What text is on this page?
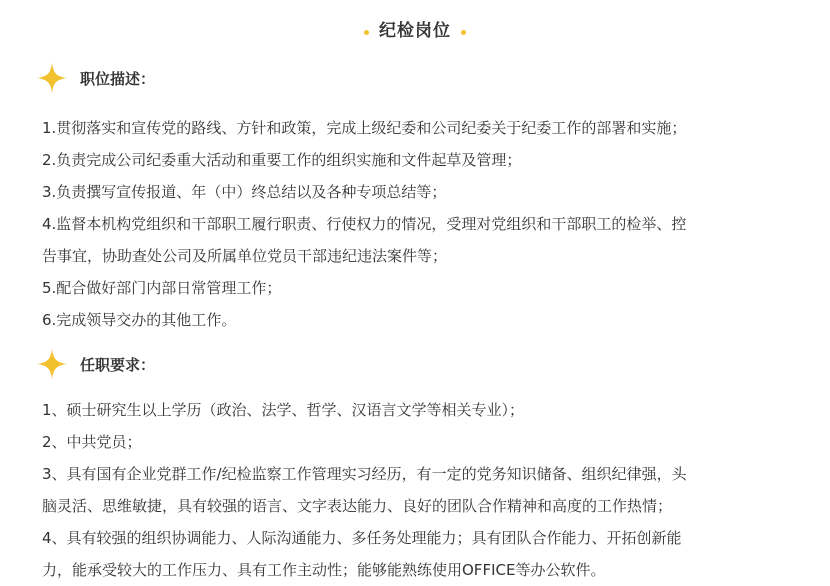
纪检岗位
职位描述：
1.贯彻落实和宣传党的路线、方针和政策，完成上级纪委和公司纪委关于纪委工作的部署和实施；
2.负责完成公司纪委重大活动和重要工作的组织实施和文件起草及管理；
3.负责撰写宣传报道、年（中）终总结以及各种专项总结等；
4.监督本机构党组织和干部职工履行职责、行使权力的情况，受理对党组织和干部职工的检举、控
告事宜，协助查处公司及所属单位党员干部违纪违法案件等；
5.配合做好部门内部日常管理工作；
6.完成领导交办的其他工作。
任职要求：
1、硕士研究生以上学历（政治、法学、哲学、汉语言文学等相关专业）；
2、中共党员；
3、具有国有企业党群工作/纪检监察工作管理实习经历，有一定的党务知识储备、组织纪律强，头
脑灵活、思维敏捷，具有较强的语言、文字表达能力、良好的团队合作精神和高度的工作热情；
4、具有较强的组织协调能力、人际沟通能力、多任务处理能力；具有团队合作能力、开拓创新能
力，能承受较大的工作压力、具有工作主动性；能够能熟练使用OFFICE等办公软件。
